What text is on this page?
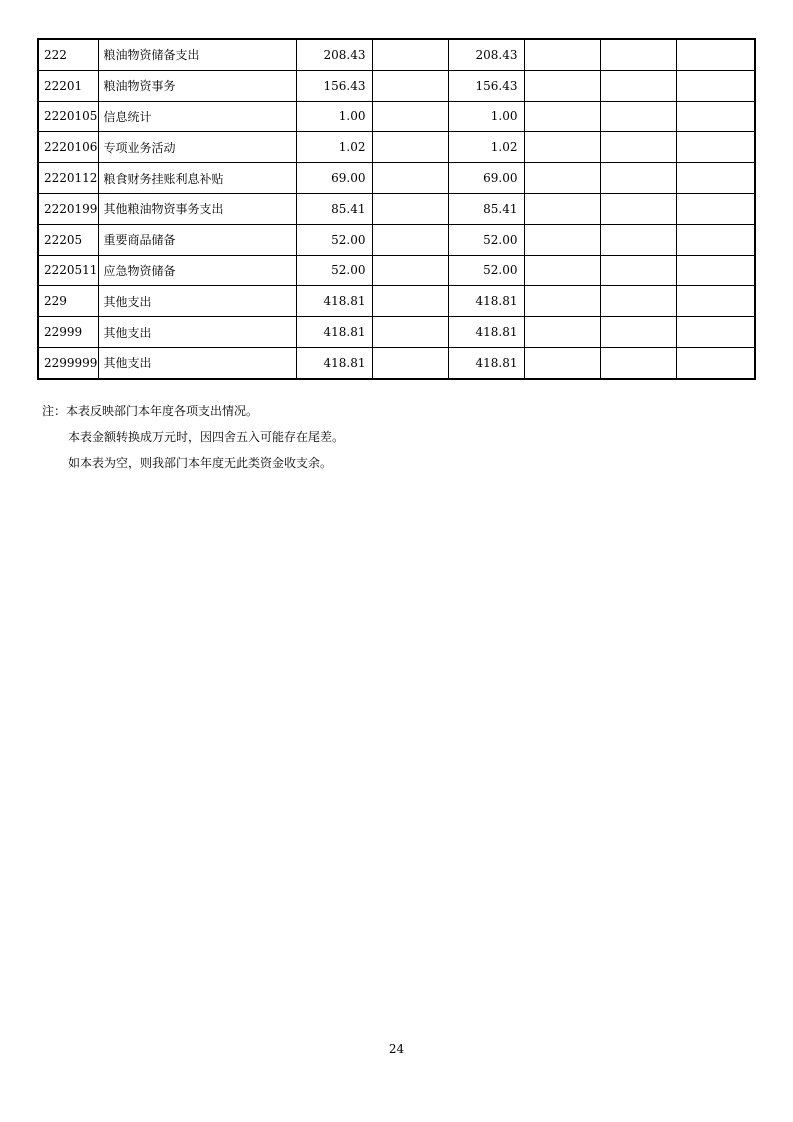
222	粮油物资储备支出	208.43		208.43			
22201	粮油物资事务	156.43		156.43			
2220105	信息统计	1.00		1.00			
2220106	专项业务活动	1.02		1.02			
2220112	粮食财务挂账利息补贴	69.00		69.00			
2220199	其他粮油物资事务支出	85.41		85.41			
22205	重要商品储备	52.00		52.00			
2220511	应急物资储备	52.00		52.00			
229	其他支出	418.81		418.81			
22999	其他支出	418.81		418.81			
2299999	其他支出	418.81		418.81			
注：本表反映部门本年度各项支出情况。
本表金额转换成万元时，因四舍五入可能存在尾差。
如本表为空，则我部门本年度无此类资金收支余。
24
